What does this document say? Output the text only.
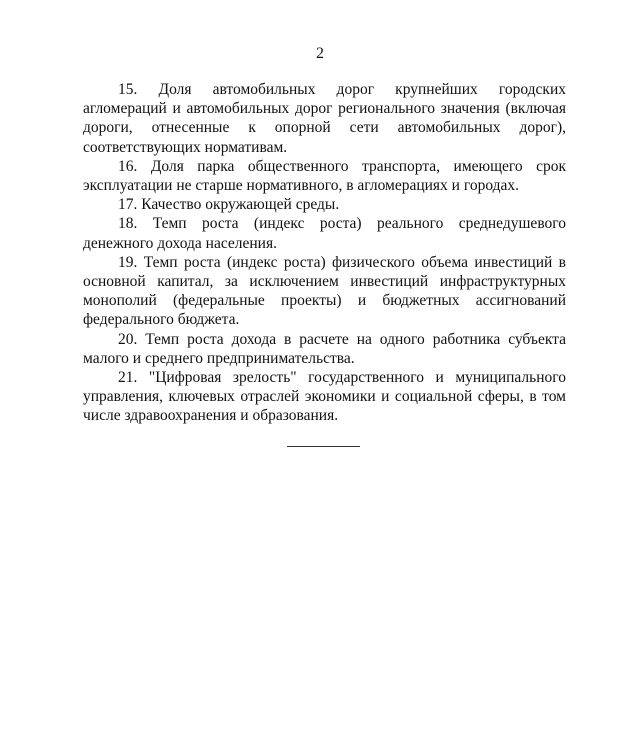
2

15. Доля автомобильных дорог крупнейших городских агломераций и автомобильных дорог регионального значения (включая дороги, отнесенные к опорной сети автомобильных дорог), соответствующих нормативам.

16. Доля парка общественного транспорта, имеющего срок эксплуатации не старше нормативного, в агломерациях и городах.

17. Качество окружающей среды.

18. Темп роста (индекс роста) реального среднедушевого денежного дохода населения.

19. Темп роста (индекс роста) физического объема инвестиций в основной капитал, за исключением инвестиций инфраструктурных монополий (федеральные проекты) и бюджетных ассигнований федерального бюджета.

20. Темп роста дохода в расчете на одного работника субъекта малого и среднего предпринимательства.

21. "Цифровая зрелость" государственного и муниципального управления, ключевых отраслей экономики и социальной сферы, в том числе здравоохранения и образования.
